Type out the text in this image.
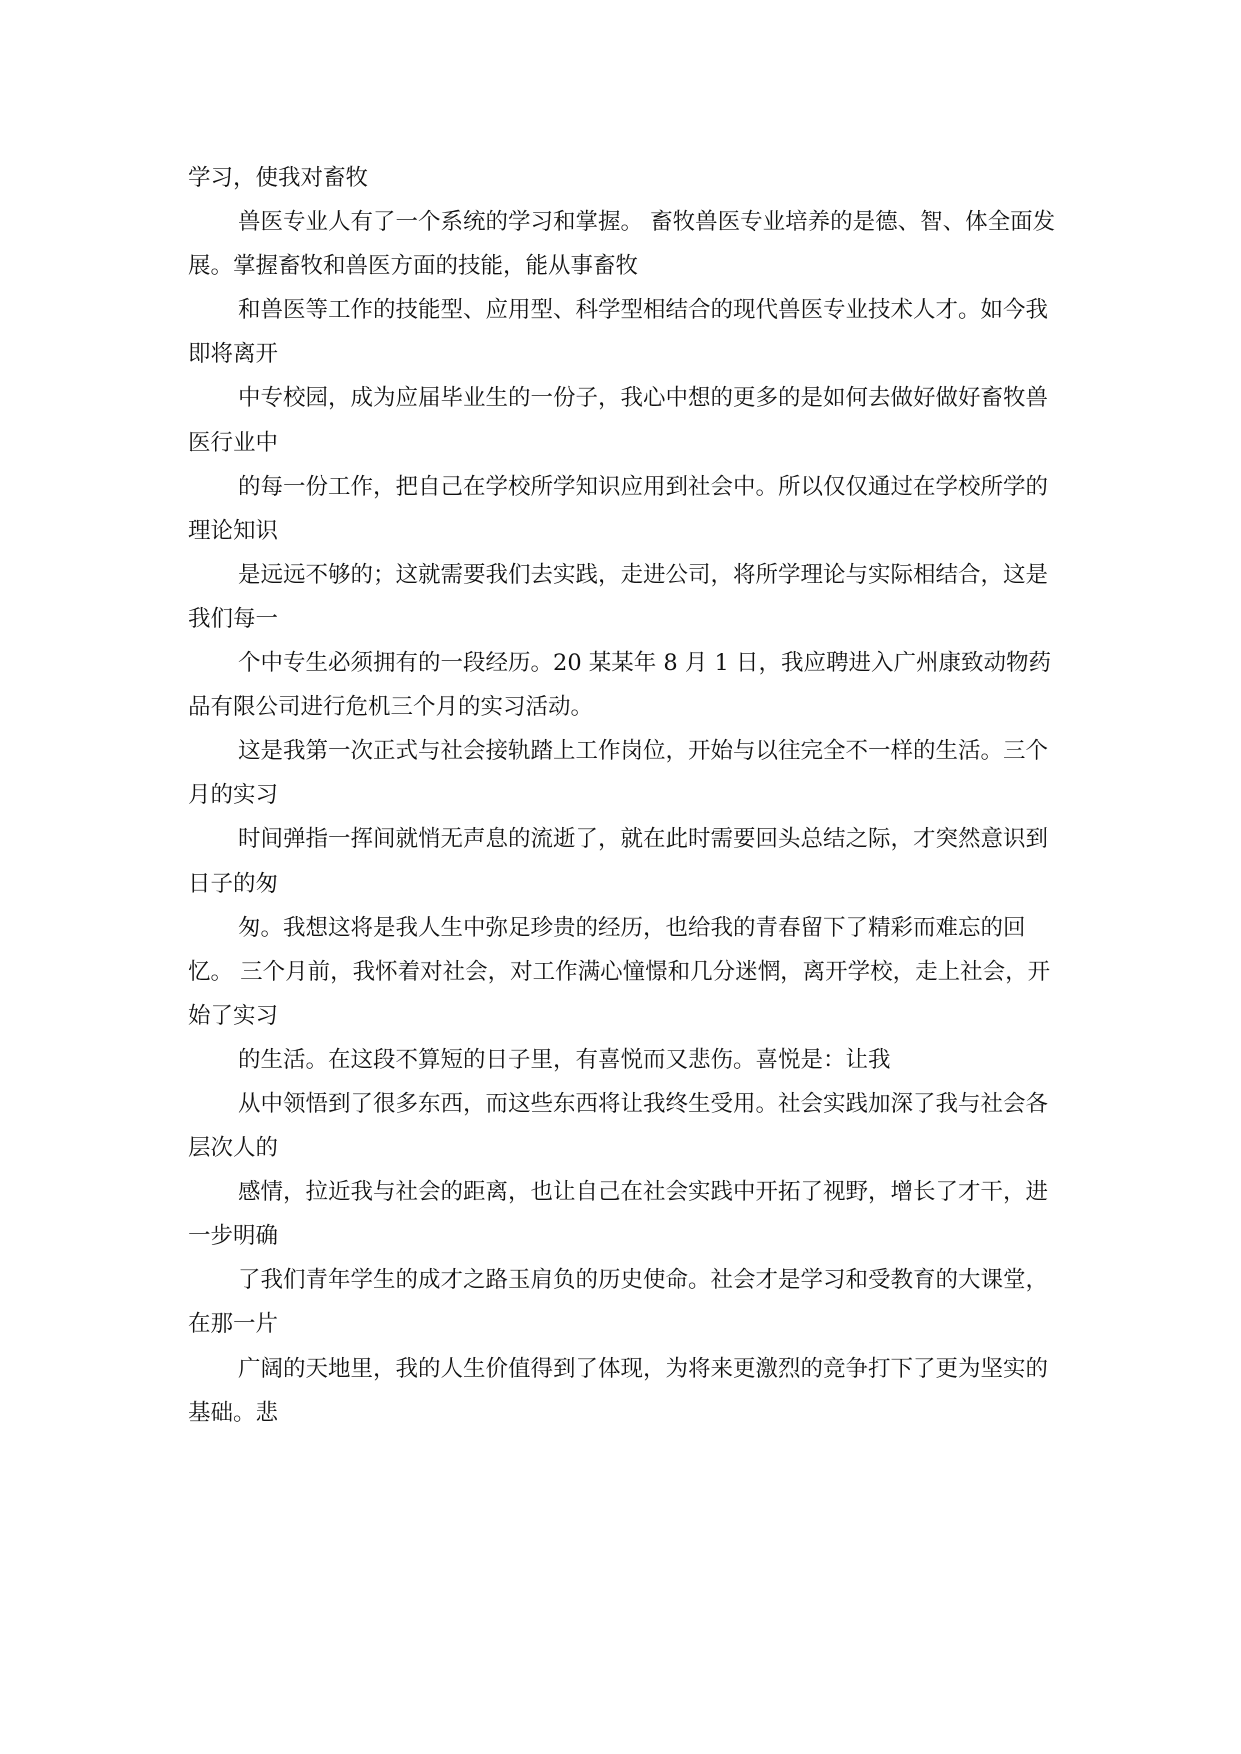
学习，使我对畜牧

兽医专业人有了一个系统的学习和掌握。 畜牧兽医专业培养的是德、智、体全面发展。掌握畜牧和兽医方面的技能，能从事畜牧

和兽医等工作的技能型、应用型、科学型相结合的现代兽医专业技术人才。如今我即将离开

中专校园，成为应届毕业生的一份子，我心中想的更多的是如何去做好做好畜牧兽医行业中

的每一份工作，把自己在学校所学知识应用到社会中。所以仅仅通过在学校所学的理论知识

是远远不够的；这就需要我们去实践，走进公司，将所学理论与实际相结合，这是我们每一

个中专生必须拥有的一段经历。20 某某年 8 月 1 日，我应聘进入广州康致动物药品有限公司进行危机三个月的实习活动。

这是我第一次正式与社会接轨踏上工作岗位，开始与以往完全不一样的生活。三个月的实习

时间弹指一挥间就悄无声息的流逝了，就在此时需要回头总结之际，才突然意识到日子的匆

匆。我想这将是我人生中弥足珍贵的经历，也给我的青春留下了精彩而难忘的回忆。 三个月前，我怀着对社会，对工作满心憧憬和几分迷惘，离开学校，走上社会，开始了实习

的生活。在这段不算短的日子里，有喜悦而又悲伤。喜悦是：让我

从中领悟到了很多东西，而这些东西将让我终生受用。社会实践加深了我与社会各层次人的

感情，拉近我与社会的距离，也让自己在社会实践中开拓了视野，增长了才干，进一步明确

了我们青年学生的成才之路玉肩负的历史使命。社会才是学习和受教育的大课堂，在那一片

广阔的天地里，我的人生价值得到了体现，为将来更激烈的竞争打下了更为坚实的基础。悲
